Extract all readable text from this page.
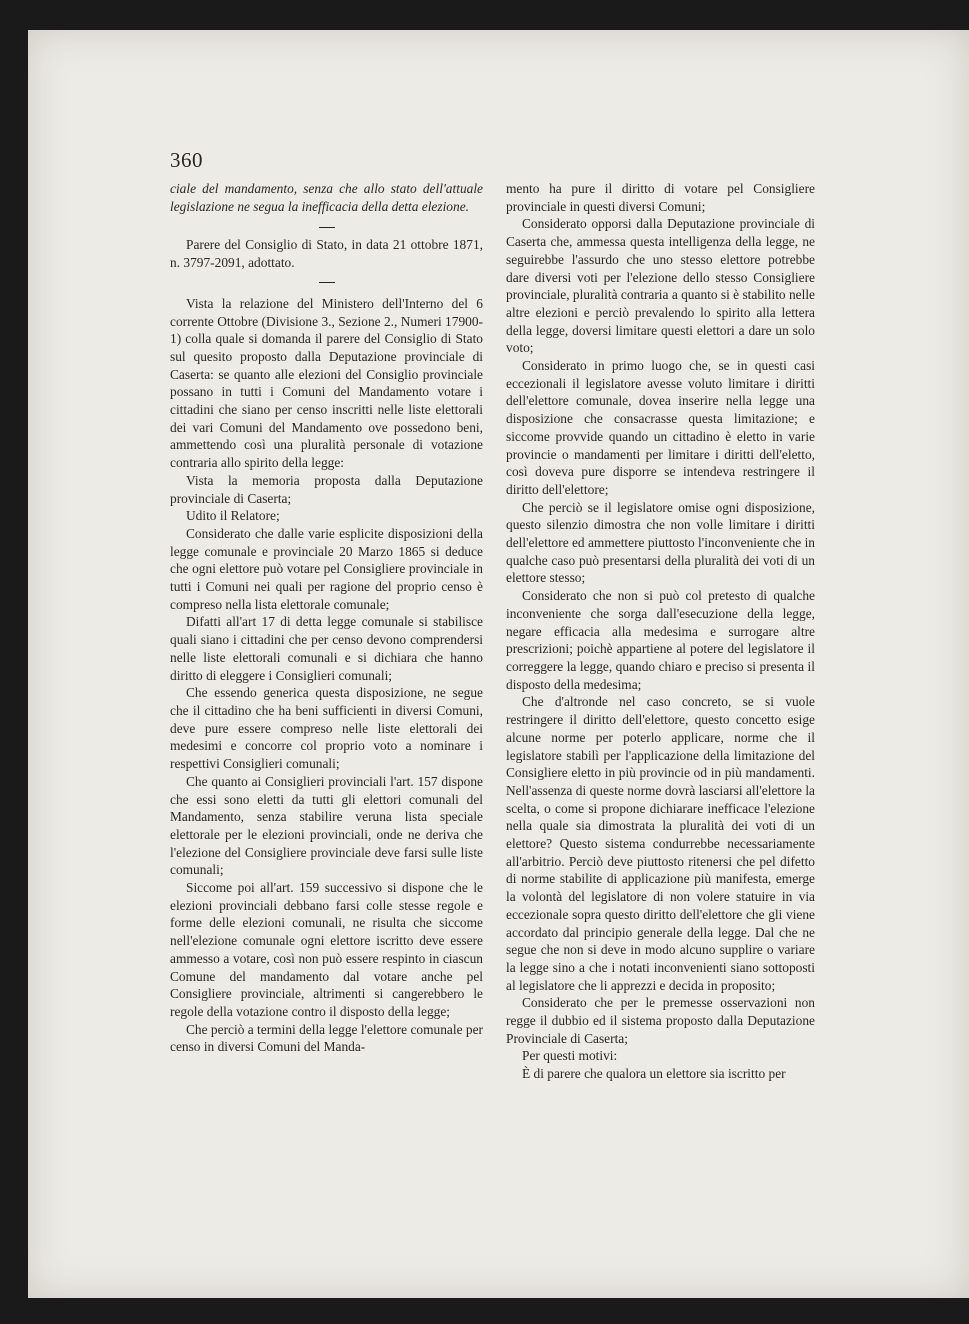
360

ciale del mandamento, senza che allo stato dell'attuale legislazione ne segua la inefficacia della detta elezione.

Parere del Consiglio di Stato, in data 21 ottobre 1871, n. 3797-2091, adottato.

Vista la relazione del Ministero dell'Interno del 6 corrente Ottobre (Divisione 3., Sezione 2., Numeri 17900-1) colla quale si domanda il parere del Consiglio di Stato sul quesito proposto dalla Deputazione provinciale di Caserta: se quanto alle elezioni del Consiglio provinciale possano in tutti i Comuni del Mandamento votare i cittadini che siano per censo inscritti nelle liste elettorali dei vari Comuni del Mandamento ove possedono beni, ammettendo così una pluralità personale di votazione contraria allo spirito della legge:

Vista la memoria proposta dalla Deputazione provinciale di Caserta;

Udito il Relatore;

Considerato che dalle varie esplicite disposizioni della legge comunale e provinciale 20 Marzo 1865 si deduce che ogni elettore può votare pel Consigliere provinciale in tutti i Comuni nei quali per ragione del proprio censo è compreso nella lista elettorale comunale;

Difatti all'art 17 di detta legge comunale si stabilisce quali siano i cittadini che per censo devono comprendersi nelle liste elettorali comunali e si dichiara che hanno diritto di eleggere i Consiglieri comunali;

Che essendo generica questa disposizione, ne segue che il cittadino che ha beni sufficienti in diversi Comuni, deve pure essere compreso nelle liste elettorali dei medesimi e concorre col proprio voto a nominare i respettivi Consiglieri comunali;

Che quanto ai Consiglieri provinciali l'art. 157 dispone che essi sono eletti da tutti gli elettori comunali del Mandamento, senza stabilire veruna lista speciale elettorale per le elezioni provinciali, onde ne deriva che l'elezione del Consigliere provinciale deve farsi sulle liste comunali;

Siccome poi all'art. 159 successivo si dispone che le elezioni provinciali debbano farsi colle stesse regole e forme delle elezioni comunali, ne risulta che siccome nell'elezione comunale ogni elettore iscritto deve essere ammesso a votare, così non può essere respinto in ciascun Comune del mandamento dal votare anche pel Consigliere provinciale, altrimenti si cangerebbero le regole della votazione contro il disposto della legge;

Che perciò a termini della legge l'elettore comunale per censo in diversi Comuni del Manda-

mento ha pure il diritto di votare pel Consigliere provinciale in questi diversi Comuni;

Considerato opporsi dalla Deputazione provinciale di Caserta che, ammessa questa intelligenza della legge, ne seguirebbe l'assurdo che uno stesso elettore potrebbe dare diversi voti per l'elezione dello stesso Consigliere provinciale, pluralità contraria a quanto si è stabilito nelle altre elezioni e perciò prevalendo lo spirito alla lettera della legge, doversi limitare questi elettori a dare un solo voto;

Considerato in primo luogo che, se in questi casi eccezionali il legislatore avesse voluto limitare i diritti dell'elettore comunale, dovea inserire nella legge una disposizione che consacrasse questa limitazione; e siccome provvide quando un cittadino è eletto in varie provincie o mandamenti per limitare i diritti dell'eletto, così doveva pure disporre se intendeva restringere il diritto dell'elettore;

Che perciò se il legislatore omise ogni disposizione, questo silenzio dimostra che non volle limitare i diritti dell'elettore ed ammettere piuttosto l'inconveniente che in qualche caso può presentarsi della pluralità dei voti di un elettore stesso;

Considerato che non si può col pretesto di qualche inconveniente che sorga dall'esecuzione della legge, negare efficacia alla medesima e surrogare altre prescrizioni; poichè appartiene al potere del legislatore il correggere la legge, quando chiaro e preciso si presenta il disposto della medesima;

Che d'altronde nel caso concreto, se si vuole restringere il diritto dell'elettore, questo concetto esige alcune norme per poterlo applicare, norme che il legislatore stabilì per l'applicazione della limitazione del Consigliere eletto in più provincie od in più mandamenti. Nell'assenza di queste norme dovrà lasciarsi all'elettore la scelta, o come si propone dichiarare inefficace l'elezione nella quale sia dimostrata la pluralità dei voti di un elettore? Questo sistema condurrebbe necessariamente all'arbitrio. Perciò deve piuttosto ritenersi che pel difetto di norme stabilite di applicazione più manifesta, emerge la volontà del legislatore di non volere statuire in via eccezionale sopra questo diritto dell'elettore che gli viene accordato dal principio generale della legge. Dal che ne segue che non si deve in modo alcuno supplire o variare la legge sino a che i notati inconvenienti siano sottoposti al legislatore che li apprezzi e decida in proposito;

Considerato che per le premesse osservazioni non regge il dubbio ed il sistema proposto dalla Deputazione Provinciale di Caserta;

Per questi motivi:

È di parere che qualora un elettore sia iscritto per
